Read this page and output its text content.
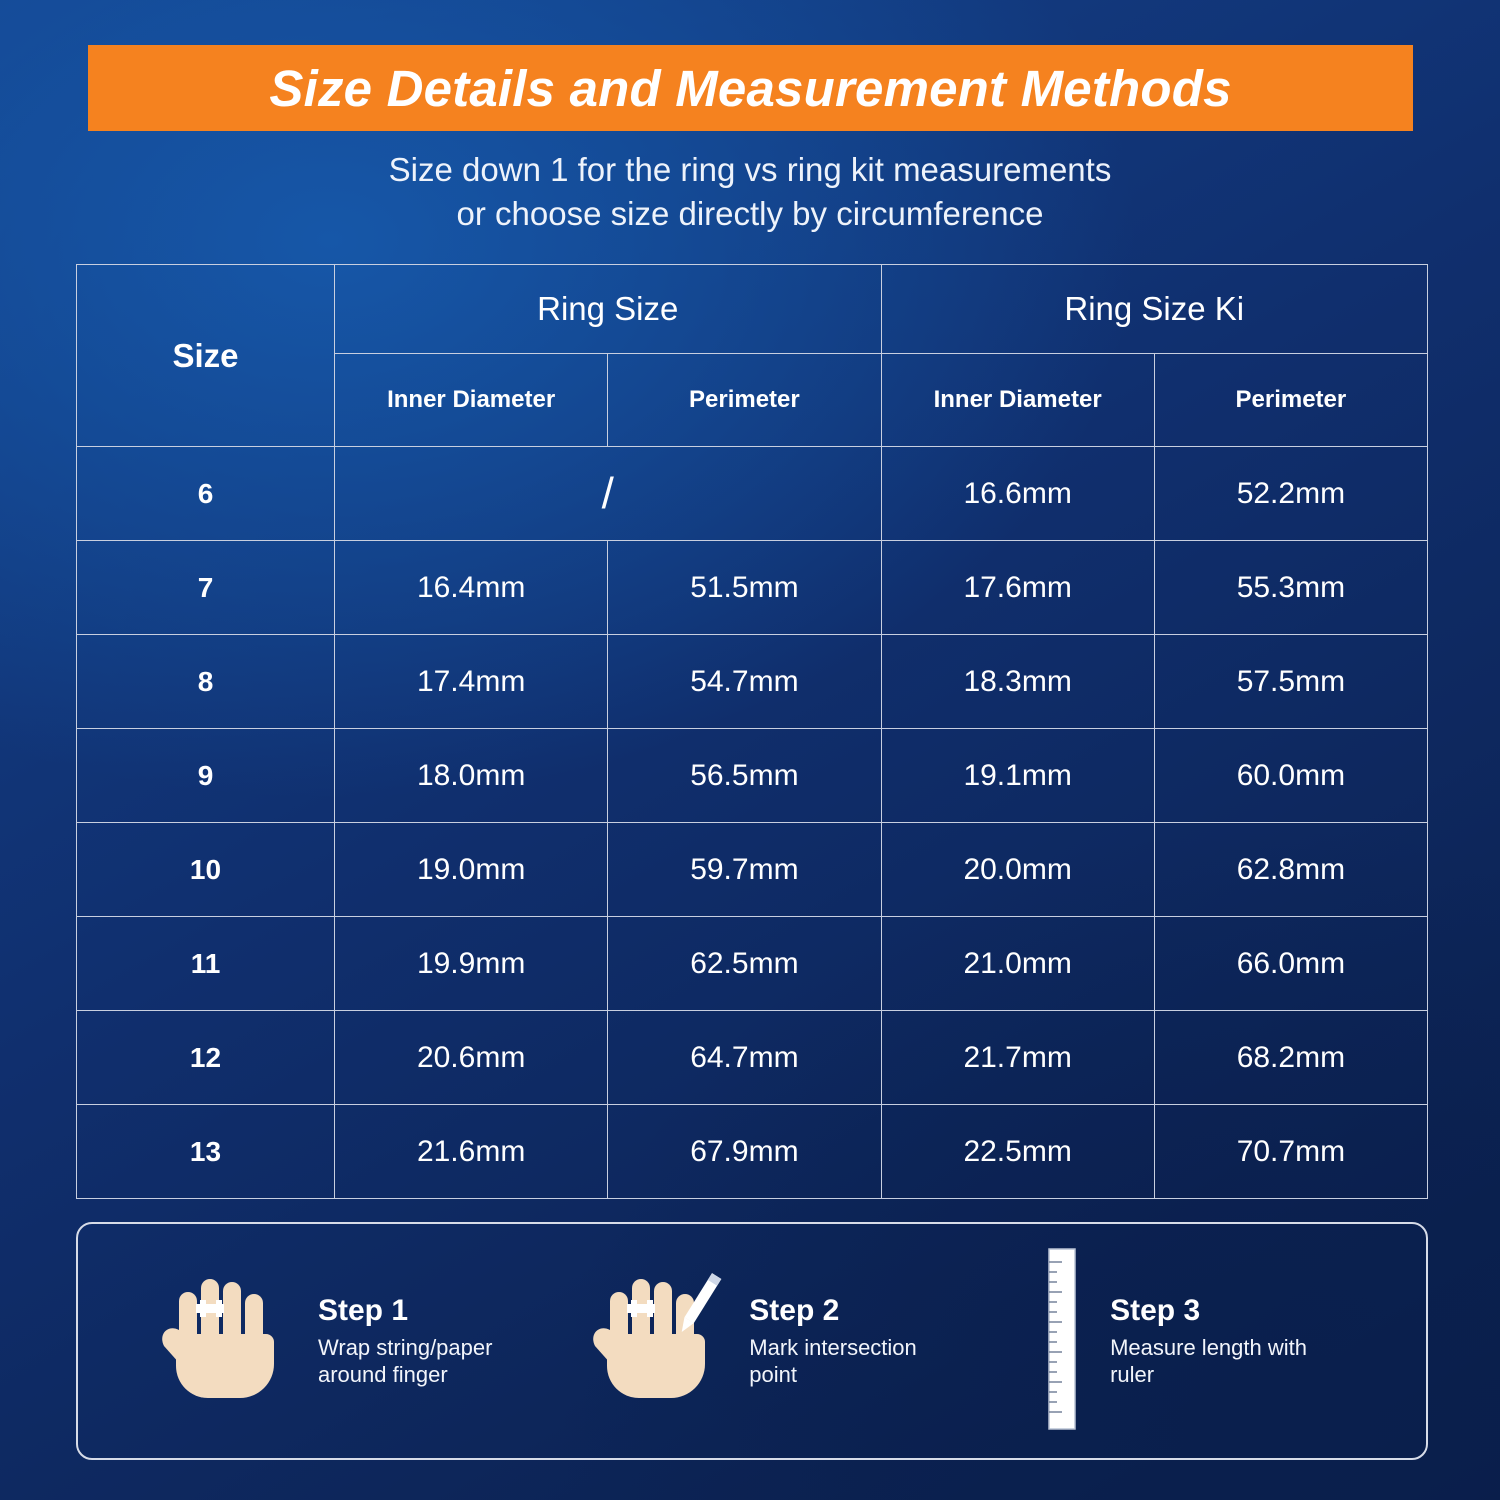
Size Details and Measurement Methods
Size down 1 for the ring vs ring kit measurements
or choose size directly by circumference
Size	Ring Size		Ring Size Ki	
	Inner Diameter	Perimeter	Inner Diameter	Perimeter
6	/		16.6mm	52.2mm
7	16.4mm	51.5mm	17.6mm	55.3mm
8	17.4mm	54.7mm	18.3mm	57.5mm
9	18.0mm	56.5mm	19.1mm	60.0mm
10	19.0mm	59.7mm	20.0mm	62.8mm
11	19.9mm	62.5mm	21.0mm	66.0mm
12	20.6mm	64.7mm	21.7mm	68.2mm
13	21.6mm	67.9mm	22.5mm	70.7mm
Step 1
Wrap string/paper
around finger
Step 2
Mark intersection
point
Step 3
Measure length with
ruler
